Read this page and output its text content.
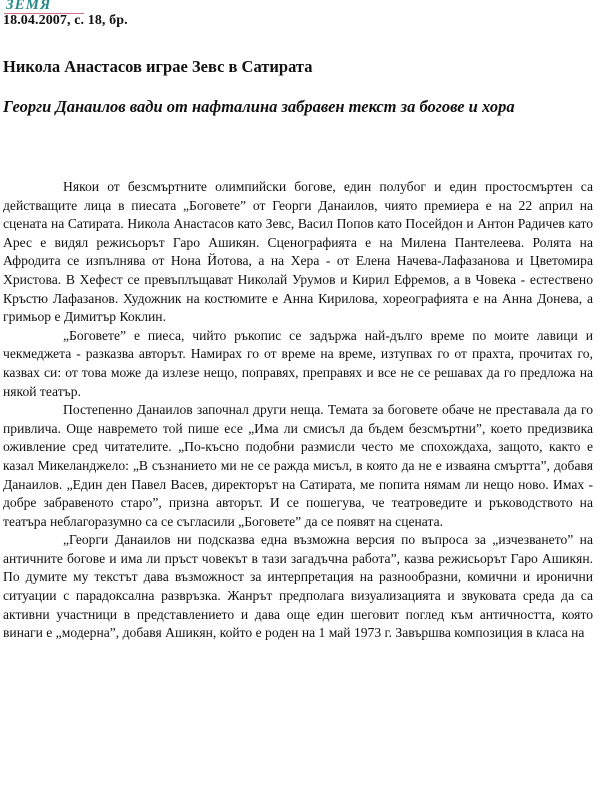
ЗЕМЯ
18.04.2007, с. 18, бр.
Никола Анастасов играе Зевс в Сатирата
Георги Данаилов вади от нафталина забравен текст за богове и хора

Някои от безсмъртните олимпийски богове, един полубог и един простосмъртен са действащите лица в пиесата „Боговете” от Георги Данаилов, чиято премиера е на 22 април на сцената на Сатирата. Никола Анастасов като Зевс, Васил Попов като Посейдон и Антон Радичев като Арес е видял режисьорът Гаро Ашикян. Сценографията е на Милена Пантелеева. Ролята на Афродита се изпълнява от Нона Йотова, а на Хера - от Елена Начева-Лафазанова и Цветомира Христова. В Хефест се превъплъщават Николай Урумов и Кирил Ефремов, а в Човека - естествено Кръстю Лафазанов. Художник на костюмите е Анна Кирилова, хореографията е на Анна Донева, а гримьор е Димитър Коклин.

„Боговете” е пиеса, чийто ръкопис се задържа най-дълго време по моите лавици и чекмеджета - разказва авторът. Намирах го от време на време, изтупвах го от прахта, прочитах го, казвах си: от това може да излезе нещо, поправях, преправях и все не се решавах да го предложа на някой театър.

Постепенно Данаилов започнал други неща. Темата за боговете обаче не преставала да го привлича. Още навремето той пише есе „Има ли смисъл да бъдем безсмъртни”, което предизвика оживление сред читателите. „По-късно подобни размисли често ме спохождаха, защото, както е казал Микеланджело: „В съзнанието ми не се ражда мисъл, в която да не е изваяна смъртта”, добавя Данаилов. „Един ден Павел Васев, директорът на Сатирата, ме попита нямам ли нещо ново. Имах - добре забравеното старо”, призна авторът. И се пошегува, че театроведите и ръководството на театъра неблагоразумно са се съгласили „Боговете” да се появят на сцената.

„Георги Данаилов ни подсказва една възможна версия по въпроса за „изчезването” на античните богове и има ли пръст човекът в тази загадъчна работа”, казва режисьорът Гаро Ашикян. По думите му текстът дава възможност за интерпретация на разнообразни, комични и иронични ситуации с парадоксална развръзка. Жанрът предполага визуализацията и звуковата среда да са активни участници в представлението и дава още един шеговит поглед към античността, която винаги е „модерна”, добавя Ашикян, който е роден на 1 май 1973 г. Завършва композиция в класа на
